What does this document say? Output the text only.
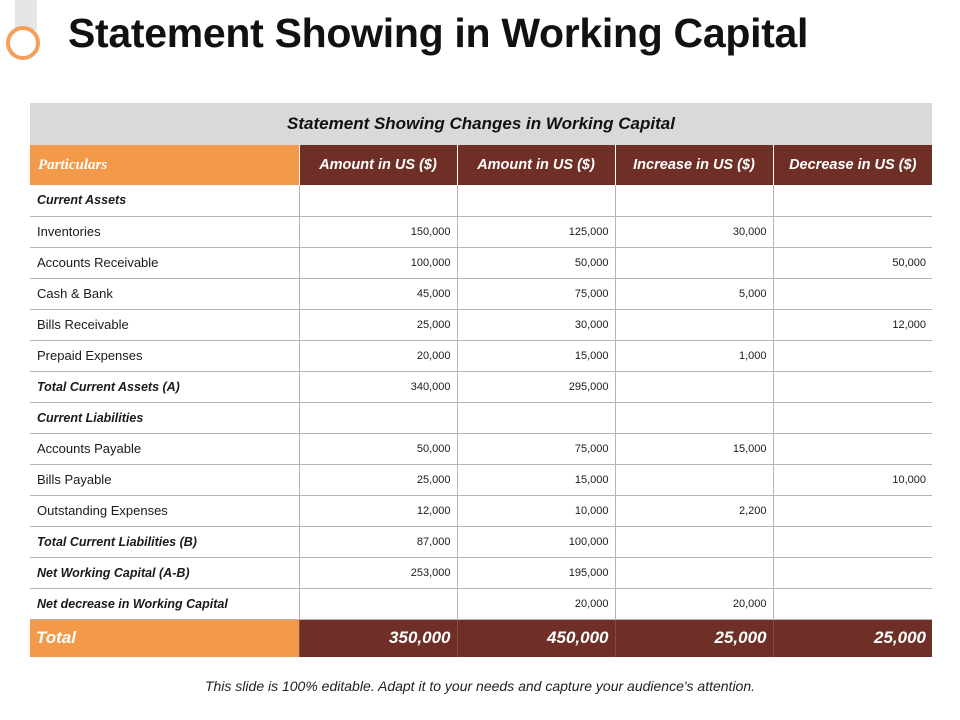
Statement Showing in Working Capital
Statement Showing Changes in Working Capital				
Particulars	Amount in US ($)	Amount in US ($)	Increase in US ($)	Decrease in US ($)
Current Assets				
Inventories	150,000	125,000	30,000	
Accounts Receivable	100,000	50,000		50,000
Cash & Bank	45,000	75,000	5,000	
Bills Receivable	25,000	30,000		12,000
Prepaid Expenses	20,000	15,000	1,000	
Total Current Assets (A)	340,000	295,000		
Current Liabilities				
Accounts Payable	50,000	75,000	15,000	
Bills Payable	25,000	15,000		10,000
Outstanding Expenses	12,000	10,000	2,200	
Total Current Liabilities (B)	87,000	100,000		
Net Working Capital (A-B)	253,000	195,000		
Net decrease in Working Capital		20,000	20,000	
Total	350,000	450,000	25,000	25,000
This slide is 100% editable. Adapt it to your needs and capture your audience's attention.
